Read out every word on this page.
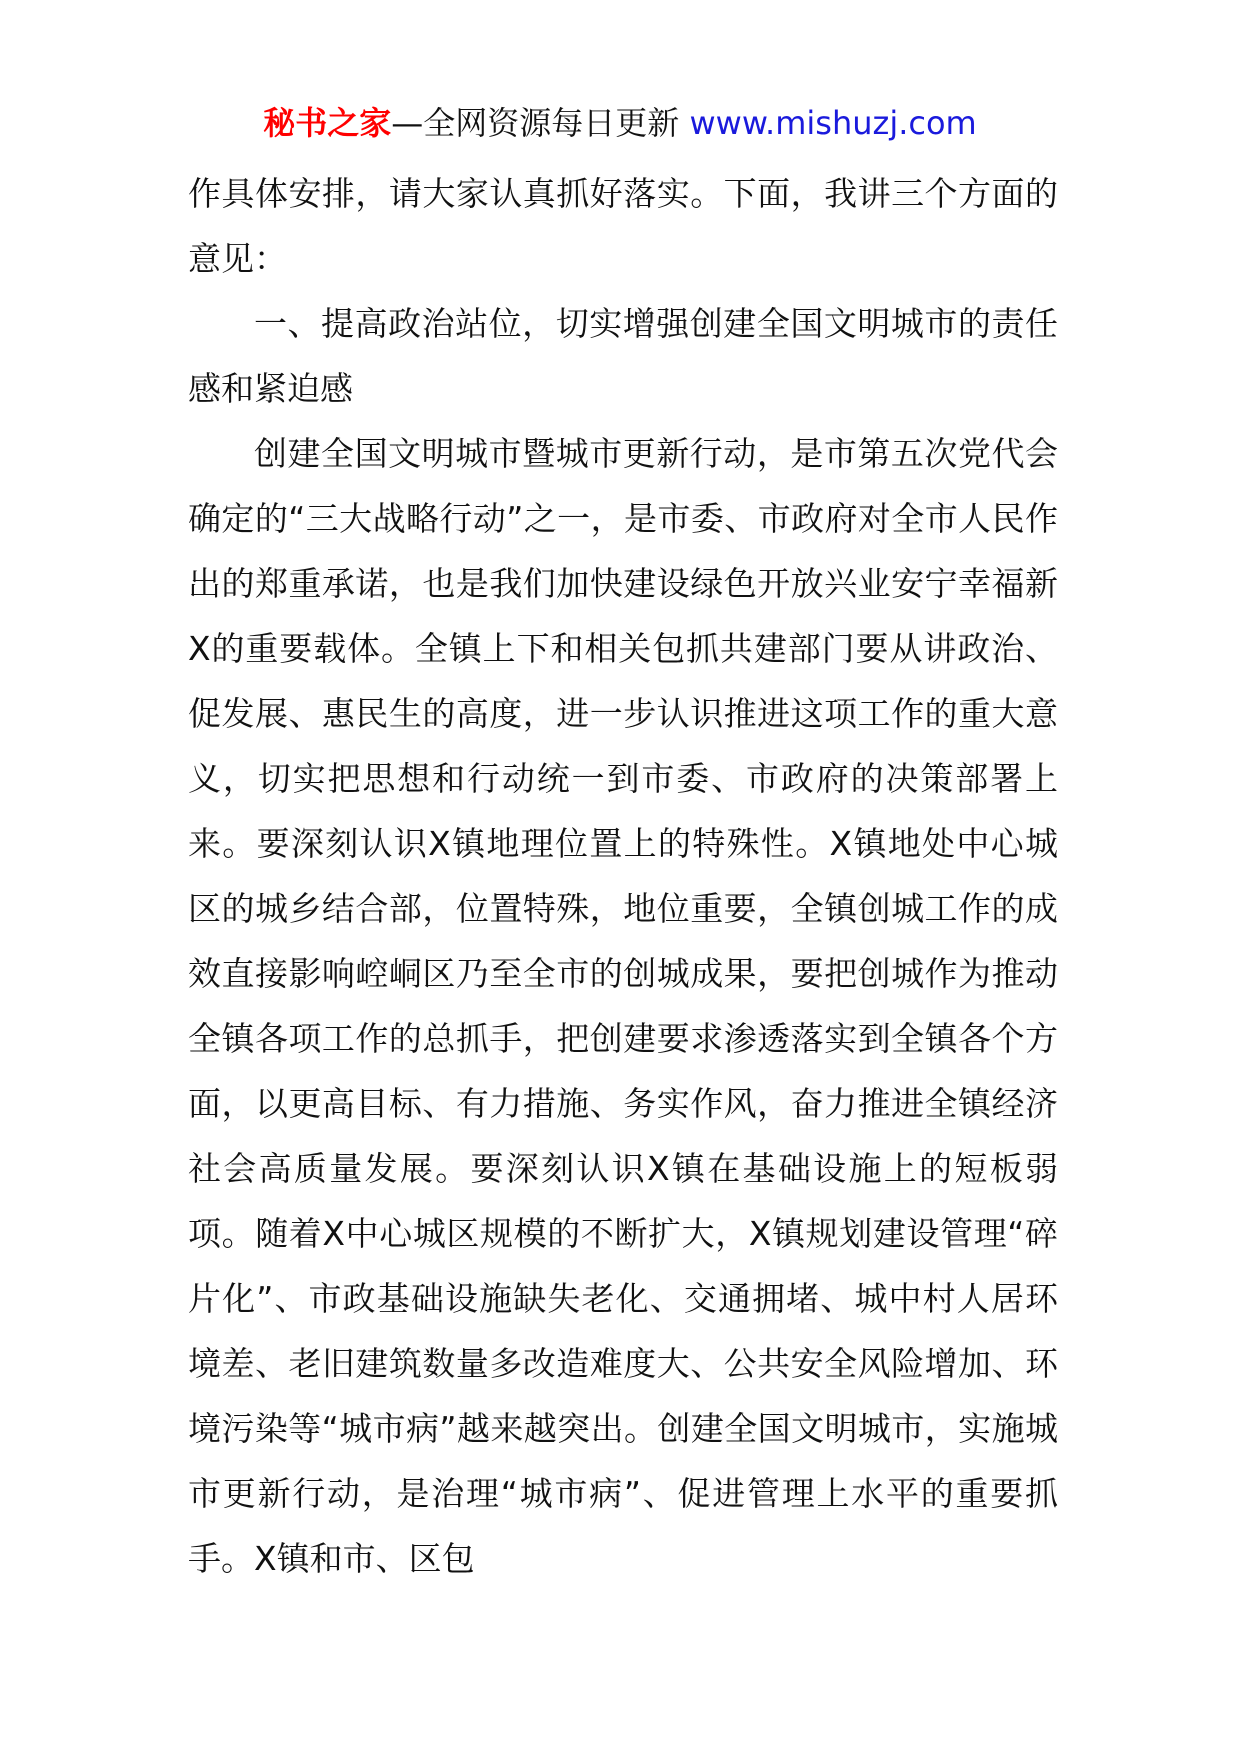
秘书之家—全网资源每日更新 www.mishuzj.com

作具体安排，请大家认真抓好落实。下面，我讲三个方面的意见：

一、提高政治站位，切实增强创建全国文明城市的责任感和紧迫感

创建全国文明城市暨城市更新行动，是市第五次党代会确定的“三大战略行动”之一，是市委、市政府对全市人民作出的郑重承诺，也是我们加快建设绿色开放兴业安宁幸福新X的重要载体。全镇上下和相关包抓共建部门要从讲政治、促发展、惠民生的高度，进一步认识推进这项工作的重大意义，切实把思想和行动统一到市委、市政府的决策部署上来。要深刻认识X镇地理位置上的特殊性。X镇地处中心城区的城乡结合部，位置特殊，地位重要，全镇创城工作的成效直接影响崆峒区乃至全市的创城成果，要把创城作为推动全镇各项工作的总抓手，把创建要求渗透落实到全镇各个方面，以更高目标、有力措施、务实作风，奋力推进全镇经济社会高质量发展。要深刻认识X镇在基础设施上的短板弱项。随着X中心城区规模的不断扩大，X镇规划建设管理“碎片化”、市政基础设施缺失老化、交通拥堵、城中村人居环境差、老旧建筑数量多改造难度大、公共安全风险增加、环境污染等“城市病”越来越突出。创建全国文明城市，实施城市更新行动，是治理“城市病”、促进管理上水平的重要抓手。X镇和市、区包
